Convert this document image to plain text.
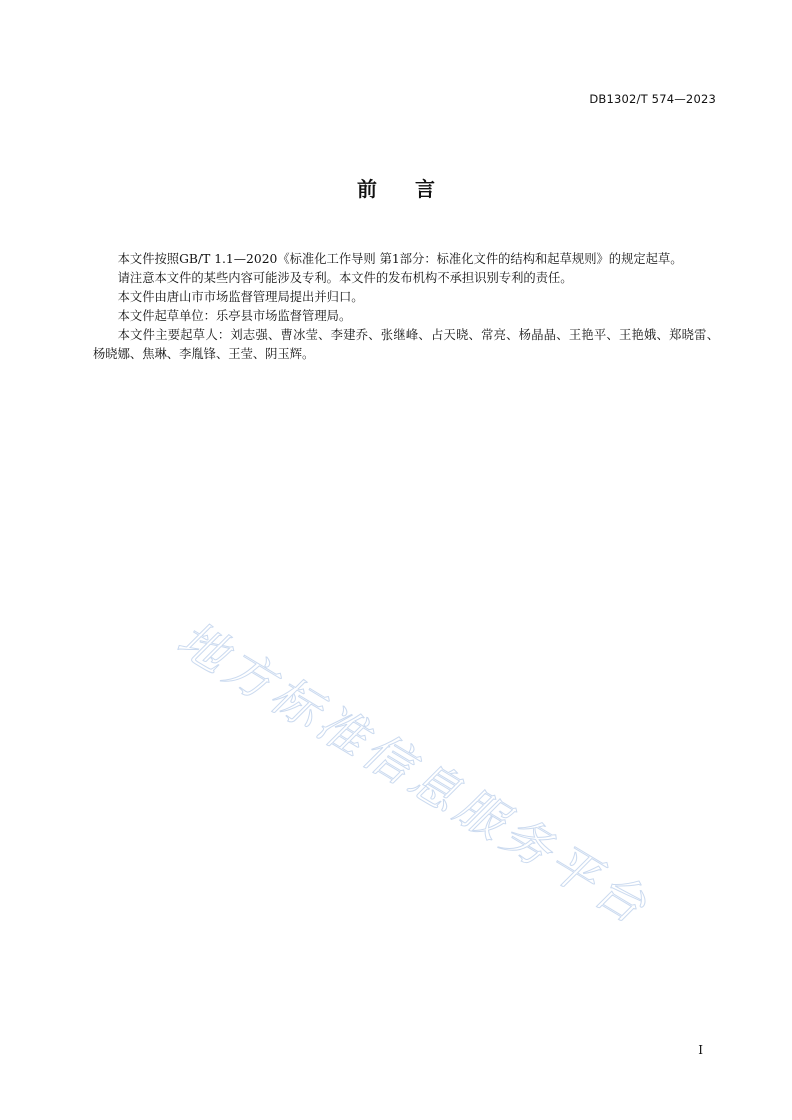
DB1302/T 574—2023
前言

本文件按照GB/T 1.1—2020《标准化工作导则 第1部分：标准化文件的结构和起草规则》的规定起草。

请注意本文件的某些内容可能涉及专利。本文件的发布机构不承担识别专利的责任。

本文件由唐山市市场监督管理局提出并归口。

本文件起草单位：乐亭县市场监督管理局。

本文件主要起草人：刘志强、曹冰莹、李建乔、张继峰、占天晓、常亮、杨晶晶、王艳平、王艳娥、郑晓雷、杨晓娜、焦琳、李胤锋、王莹、阴玉辉。

地方标准信息服务平台
I
